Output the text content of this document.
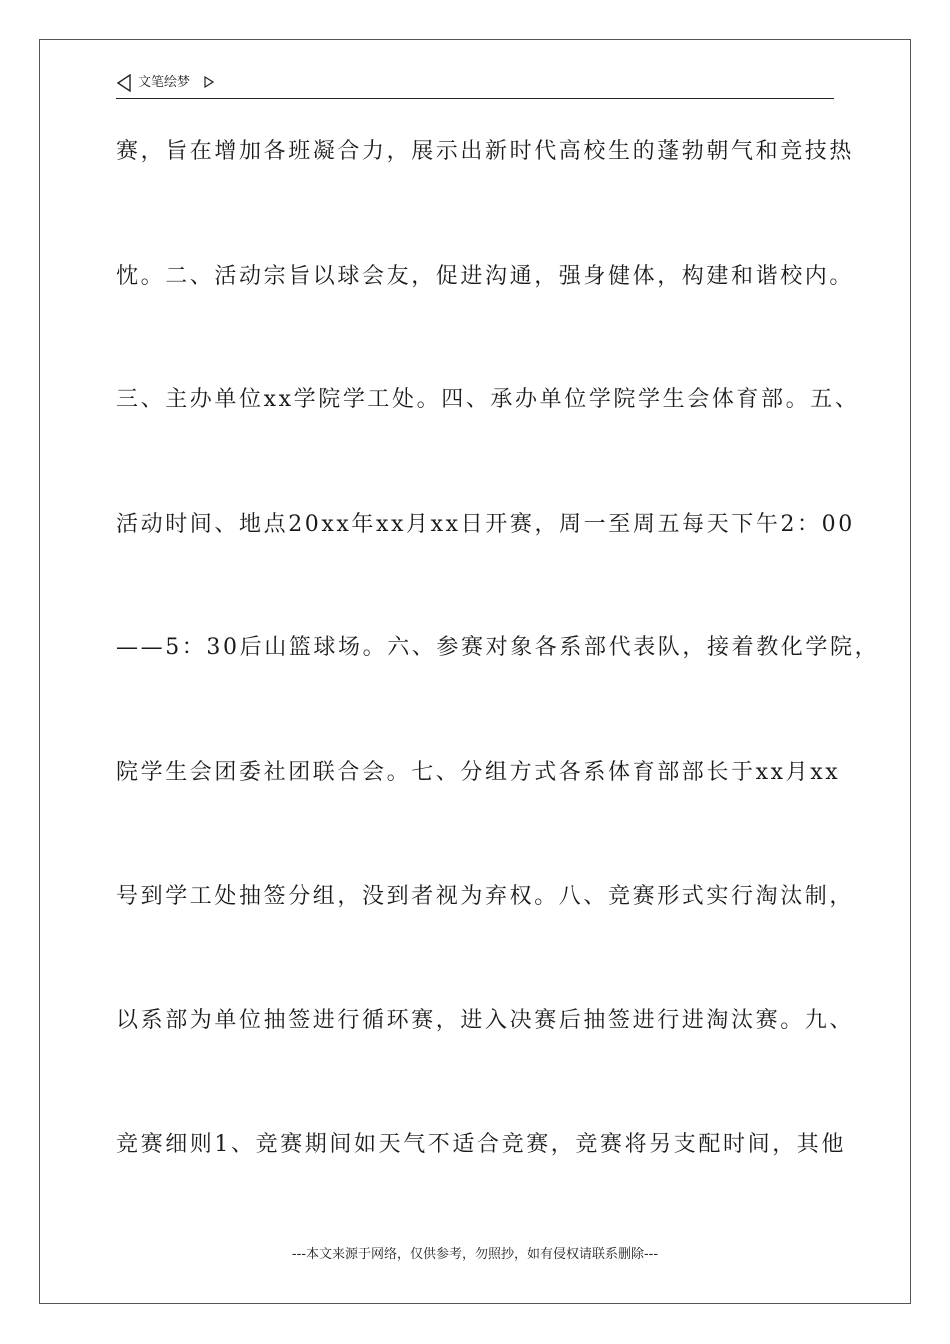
文笔绘梦
赛，旨在增加各班凝合力，展示出新时代高校生的蓬勃朝气和竞技热
忱。二、活动宗旨以球会友，促进沟通，强身健体，构建和谐校内。
三、主办单位xx学院学工处。四、承办单位学院学生会体育部。五、
活动时间、地点20xx年xx月xx日开赛，周一至周五每天下午2：00
——5：30后山篮球场。六、参赛对象各系部代表队，接着教化学院，
院学生会团委社团联合会。七、分组方式各系体育部部长于xx月xx
号到学工处抽签分组，没到者视为弃权。八、竞赛形式实行淘汰制，
以系部为单位抽签进行循环赛，进入决赛后抽签进行进淘汰赛。九、
竞赛细则1、竞赛期间如天气不适合竞赛，竞赛将另支配时间，其他
---本文来源于网络，仅供参考，勿照抄，如有侵权请联系删除---
